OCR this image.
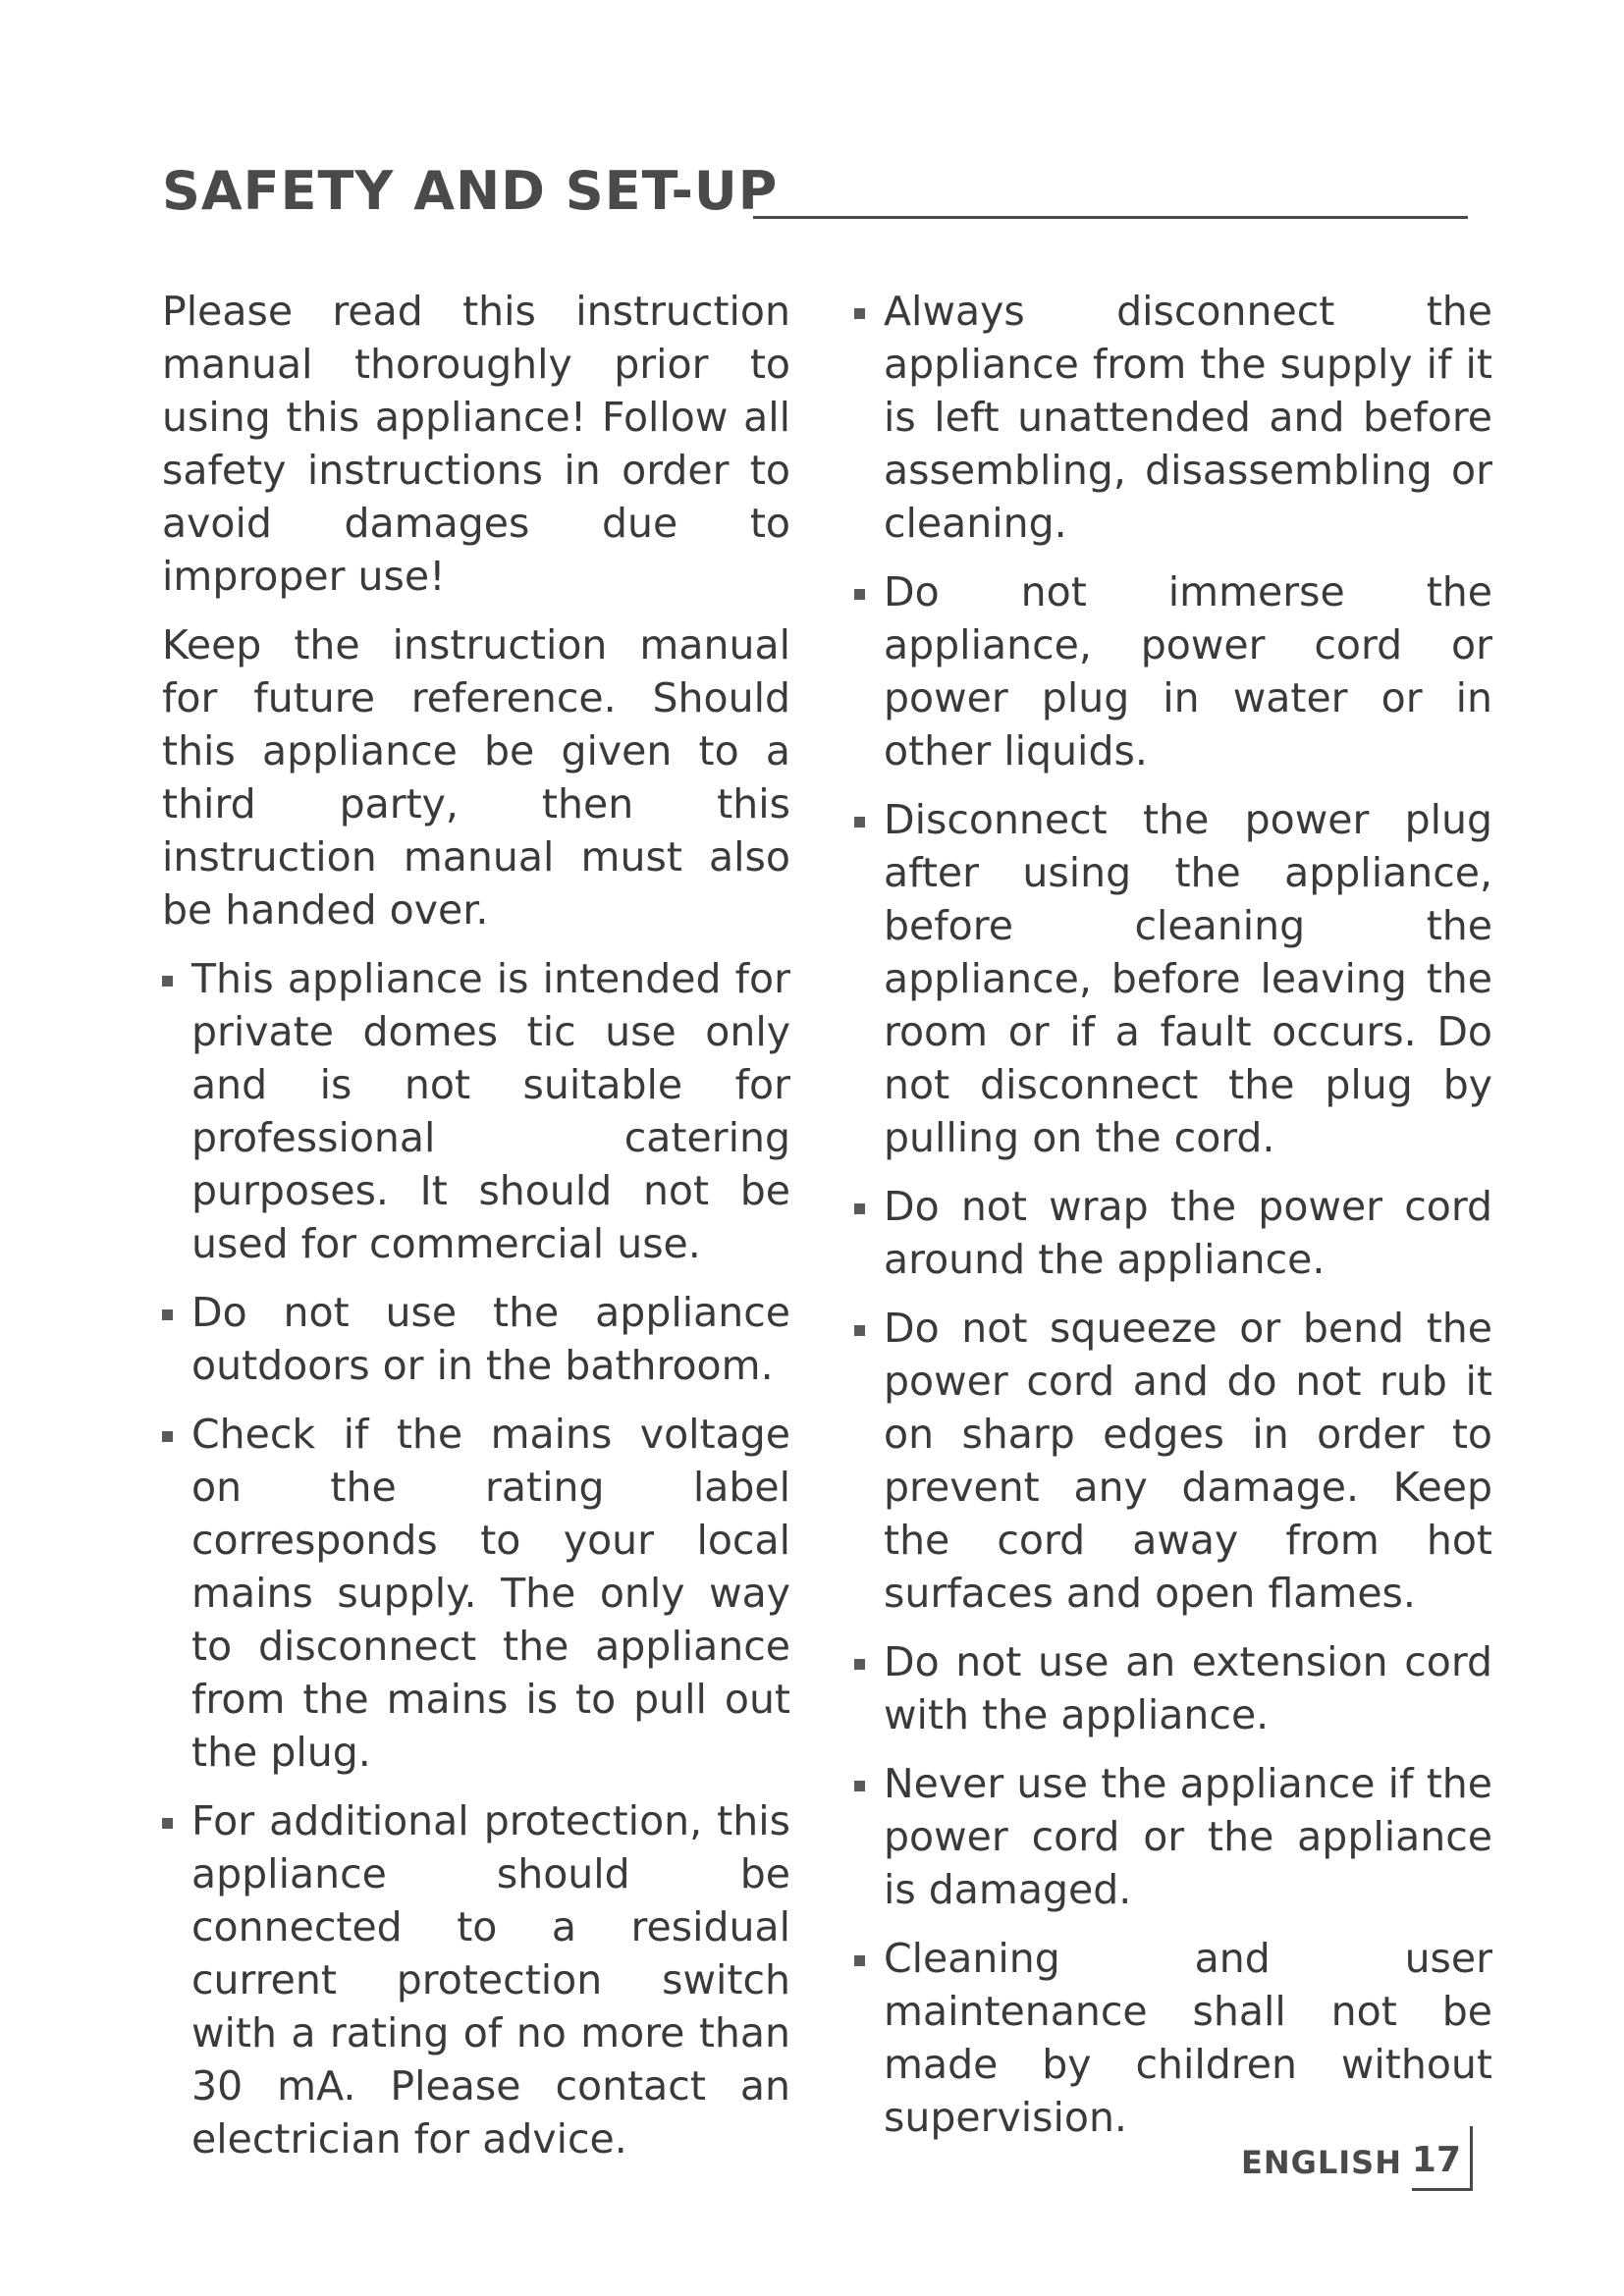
SAFETY AND SET-UP

Please read this instruction manual thoroughly prior to using this appliance! Follow all safety instructions in order to avoid damages due to improper use!

Keep the instruction manual for future reference. Should this appliance be given to a third party, then this instruction manual must also be handed over.

This appliance is intended for private domes tic use only and is not suitable for professional catering purposes. It should not be used for commercial use.
Do not use the appliance outdoors or in the bathroom.
Check if the mains voltage on the rating label corresponds to your local mains supply. The only way to disconnect the appliance from the mains is to pull out the plug.
For additional protection, this appliance should be connected to a residual current protection switch with a rating of no more than 30 mA. Please contact an electrician for advice.
Always disconnect the appliance from the supply if it is left unattended and before assembling, disassembling or cleaning.
Do not immerse the appliance, power cord or power plug in water or in other liquids.
Disconnect the power plug after using the appliance, before cleaning the appliance, before leaving the room or if a fault occurs. Do not disconnect the plug by pulling on the cord.
Do not wrap the power cord around the appliance.
Do not squeeze or bend the power cord and do not rub it on sharp edges in order to prevent any damage. Keep the cord away from hot surfaces and open flames.
Do not use an extension cord with the appliance.
Never use the appliance if the power cord or the appliance is damaged.
Cleaning and user maintenance shall not be made by children without supervision.
ENGLISH 17
